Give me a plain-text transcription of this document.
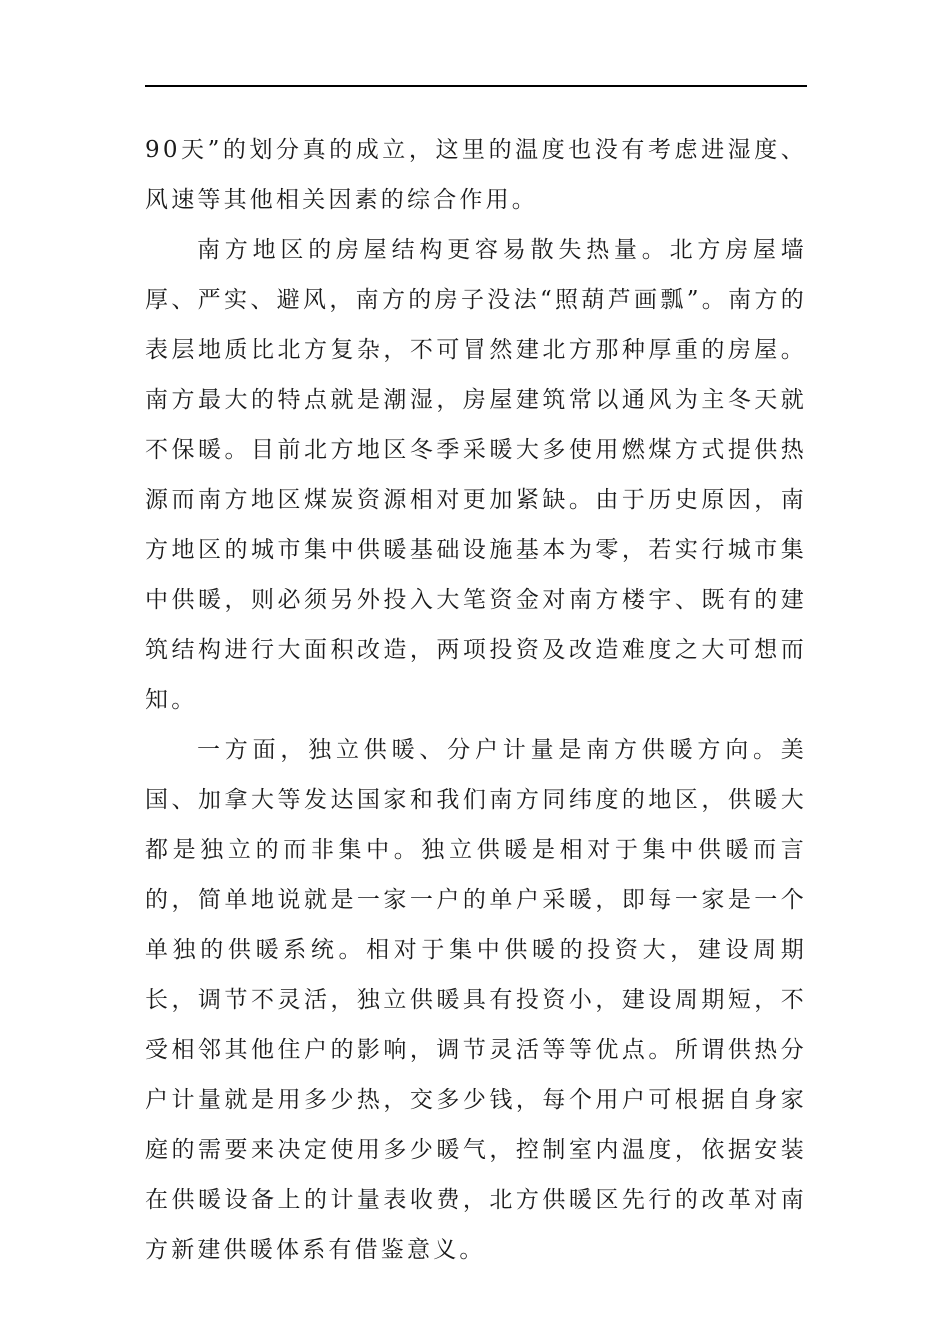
90天”的划分真的成立，这里的温度也没有考虑进湿度、风速等其他相关因素的综合作用。

南方地区的房屋结构更容易散失热量。北方房屋墙厚、严实、避风，南方的房子没法“照葫芦画瓢”。南方的表层地质比北方复杂，不可冒然建北方那种厚重的房屋。南方最大的特点就是潮湿，房屋建筑常以通风为主冬天就不保暖。目前北方地区冬季采暖大多使用燃煤方式提供热源而南方地区煤炭资源相对更加紧缺。由于历史原因，南方地区的城市集中供暖基础设施基本为零，若实行城市集中供暖，则必须另外投入大笔资金对南方楼宇、既有的建筑结构进行大面积改造，两项投资及改造难度之大可想而知。

一方面，独立供暖、分户计量是南方供暖方向。美国、加拿大等发达国家和我们南方同纬度的地区，供暖大都是独立的而非集中。独立供暖是相对于集中供暖而言的，简单地说就是一家一户的单户采暖，即每一家是一个单独的供暖系统。相对于集中供暖的投资大，建设周期长，调节不灵活，独立供暖具有投资小，建设周期短，不受相邻其他住户的影响，调节灵活等等优点。所谓供热分户计量就是用多少热，交多少钱，每个用户可根据自身家庭的需要来决定使用多少暖气，控制室内温度，依据安装在供暖设备上的计量表收费，北方供暖区先行的改革对南方新建供暖体系有借鉴意义。
